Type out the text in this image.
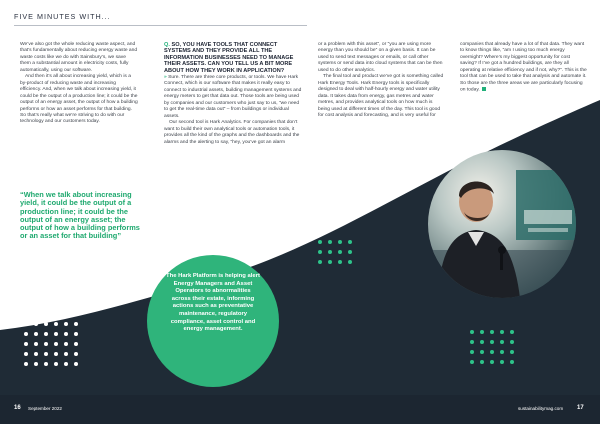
FIVE MINUTES WITH...

We’ve also got the whole reducing waste aspect, and that’s fundamentally about reducing energy waste and waste costs like we do with Sainsbury’s, we save them a substantial amount in electricity costs, fully automatically, using our software.

And then it’s all about increasing yield, which is a by-product of reducing waste and increasing efficiency. And, when we talk about increasing yield, it could be the output of a production line; it could be the output of an energy asset, the output of how a building performs or how an asset performs for that building. So that’s really what we’re striving to do with our technology and our customers today.

“When we talk about increasing yield, it could be the output of a production line; it could be the output of an energy asset; the output of how a building performs or an asset for that building”
Q. SO, YOU HAVE TOOLS THAT CONNECT SYSTEMS AND THEY PROVIDE ALL THE INFORMATION BUSINESSES NEED TO MANAGE THEIR ASSETS. CAN YOU TELL US A BIT MORE ABOUT HOW THEY WORK IN APPLICATION?

» Sure. There are three core products, or tools. We have Hark Connect, which is our software that makes it really easy to connect to industrial assets, building management systems and energy meters to get that data out. Those tools are being used by companies and our customers who just say to us, “we need to get the real-time data out” – from buildings or individual assets.

Our second tool is Hark Analytics. For companies that don’t want to build their own analytical tools or automation tools, it provides all the kind of the graphs and the dashboards and the alarms and the alerting to say, “hey, you’ve got an alarm

or a problem with this asset”, or “you are using more energy than you should be” on a given basis. It can be used to send text messages or emails, or call other systems or send data into cloud systems that can be then used to do other analytics.

The final tool and product we’ve got is something called Hark Energy Tools. Hark Energy tools is specifically designed to deal with half-hourly energy and water utility data. It takes data from energy, gas metres and water metres, and provides analytical tools on how much is being used at different times of the day. This tool is good for cost analysis and forecasting, and is very useful for

companies that already have a lot of that data. They want to know things like, “am I using too much energy overnight? Where’s my biggest opportunity for cost saving? If I’ve got a hundred buildings, are they all operating at relative efficiency and if not, why?”. This is the tool that can be used to take that analysis and automate it. So those are the three areas we are particularly focusing on today.

The Hark Platform is helping alert Energy Managers and Asset Operators to abnormalities across their estate, informing actions such as preventative maintenance, regulatory compliance, asset control and energy management.
16 September 2022	sustainabilitymag.com 17
